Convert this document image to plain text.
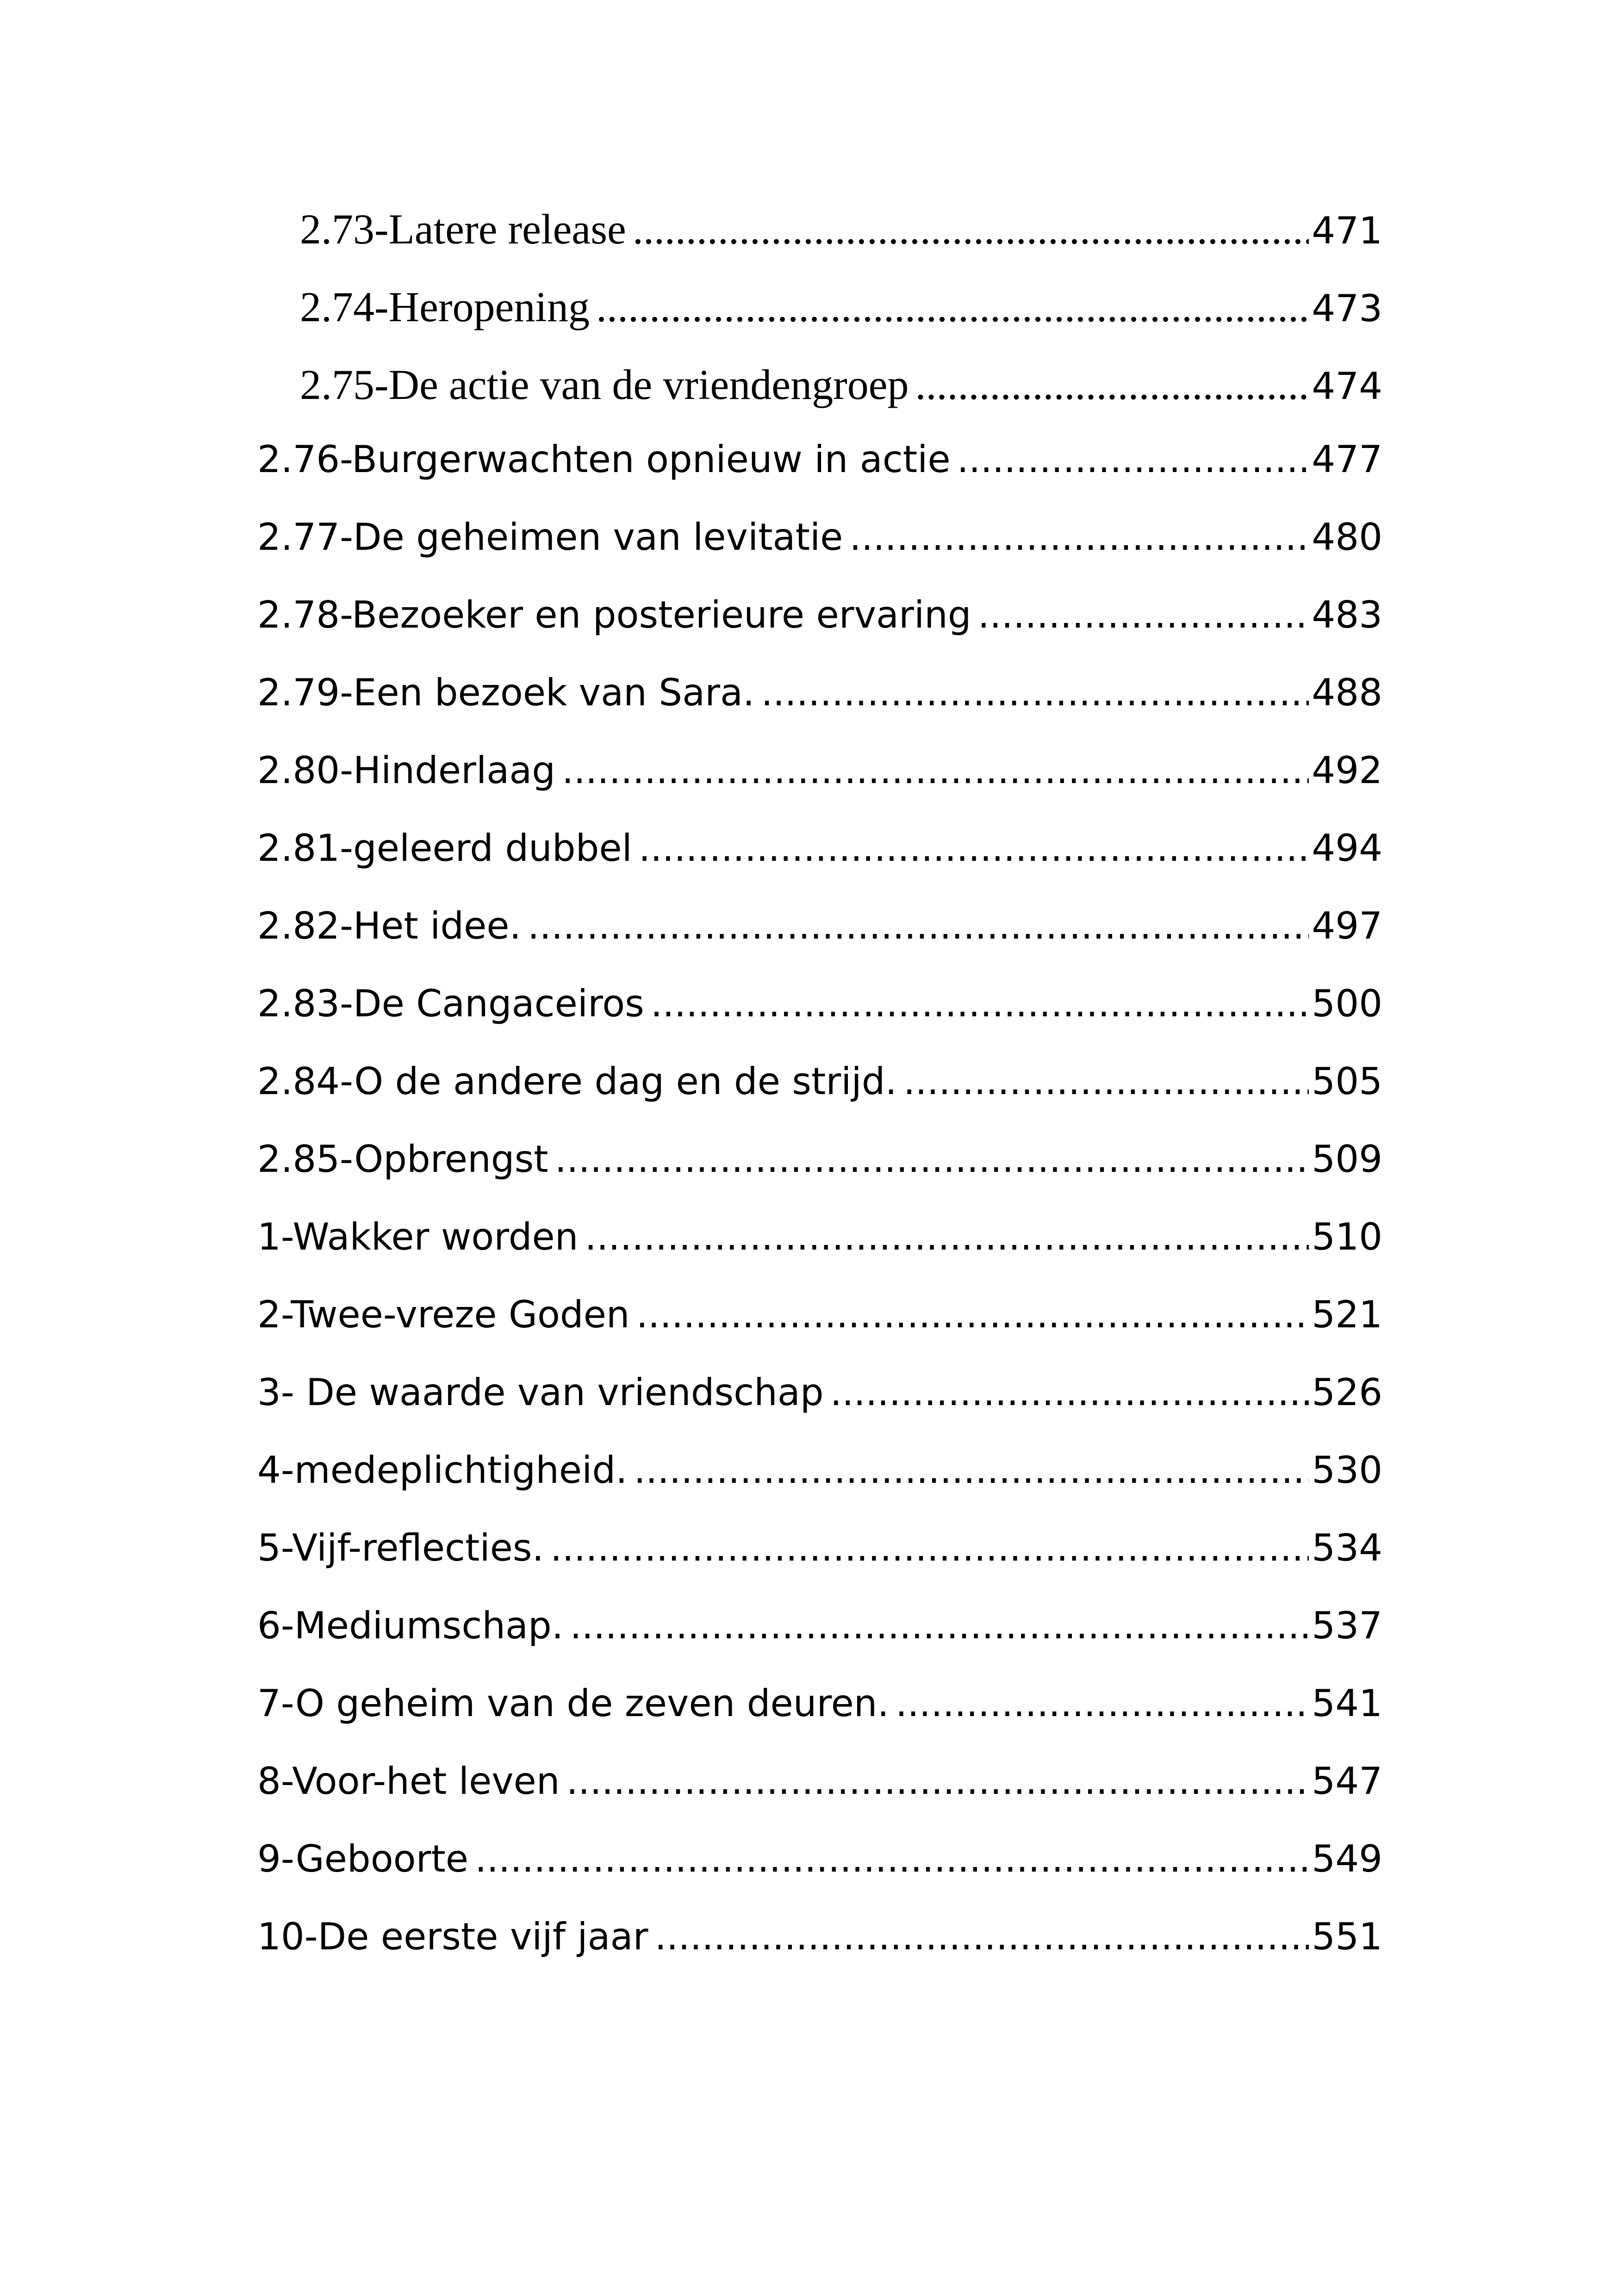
2.73-Latere release .....	471
2.74-Heropening .....	473
2.75-De actie van de vriendengroep .....	474
2.76-Burgerwachten opnieuw in actie .....	477
2.77-De geheimen van levitatie .....	480
2.78-Bezoeker en posterieure ervaring .....	483
2.79-Een bezoek van Sara. .....	488
2.80-Hinderlaag .....	492
2.81-geleerd dubbel .....	494
2.82-Het idee. .....	497
2.83-De Cangaceiros .....	500
2.84-O de andere dag en de strijd. .....	505
2.85-Opbrengst .....	509
1-Wakker worden .....	510
2-Twee-vreze Goden .....	521
3- De waarde van vriendschap .....	526
4-medeplichtigheid. .....	530
5-Vijf-reflecties. .....	534
6-Mediumschap. .....	537
7-O geheim van de zeven deuren. .....	541
8-Voor-het leven .....	547
9-Geboorte .....	549
10-De eerste vijf jaar .....	551
